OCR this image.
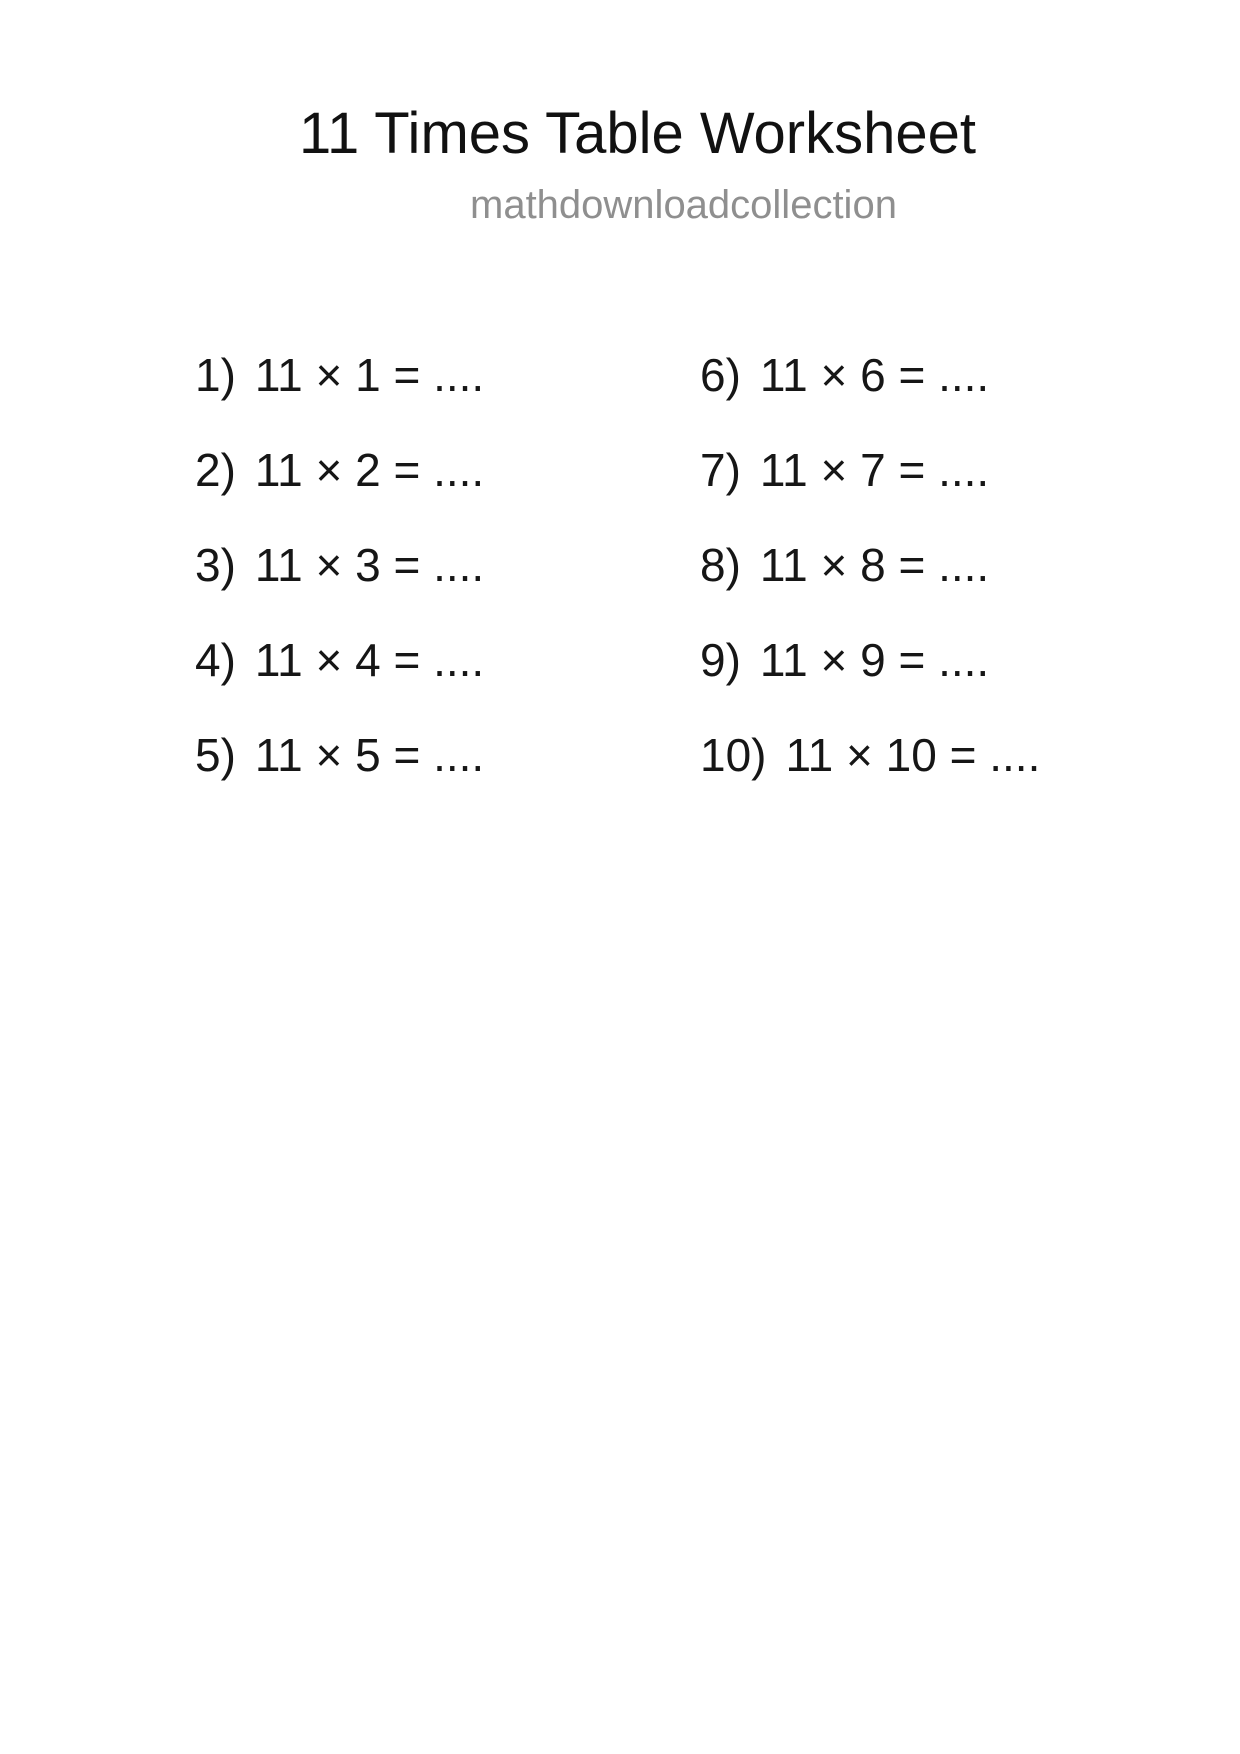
11 Times Table Worksheet
mathdownloadcollection
1) 11 × 1 = ....
2) 11 × 2 = ....
3) 11 × 3 = ....
4) 11 × 4 = ....
5) 11 × 5 = ....
6) 11 × 6 = ....
7) 11 × 7 = ....
8) 11 × 8 = ....
9) 11 × 9 = ....
10) 11 × 10 = ....
